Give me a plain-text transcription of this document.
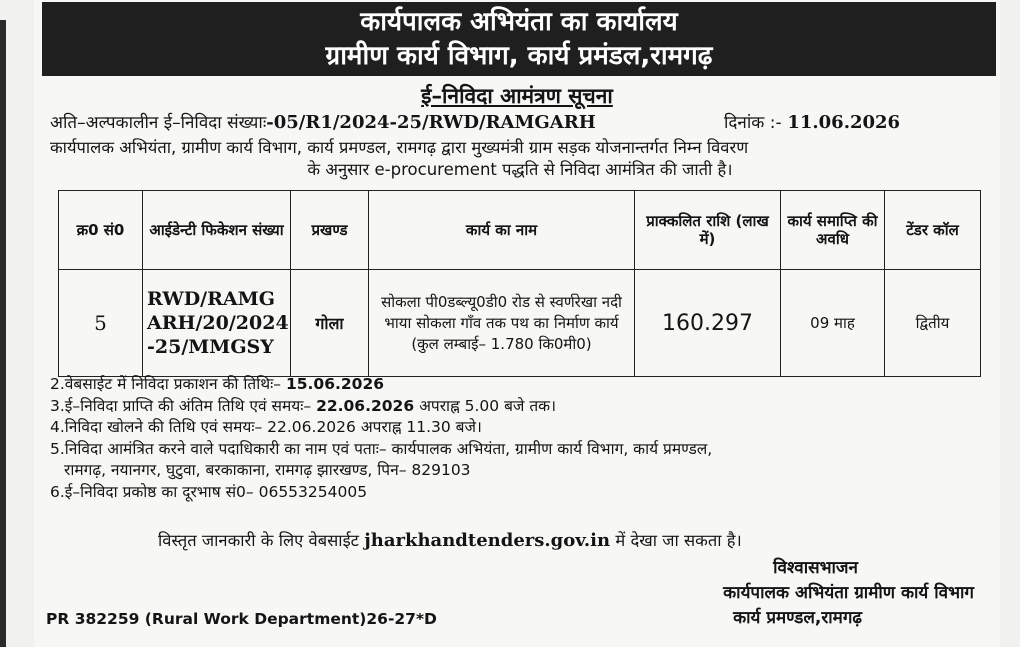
कार्यपालक अभियंता का कार्यालय
ग्रामीण कार्य विभाग, कार्य प्रमंडल,रामगढ़
ई–निविदा आमंत्रण सूचना
अति–अल्पकालीन ई–निविदा संख्याः-05/R1/2024-25/RWD/RAMGARH	दिनांक :- 11.06.2026
कार्यपालक अभियंता, ग्रामीण कार्य विभाग, कार्य प्रमण्डल, रामगढ़ द्वारा मुख्यमंत्री ग्राम सड़क योजनान्तर्गत निम्न विवरण
के अनुसार e-procurement पद्धति से निविदा आमंत्रित की जाती है।
क्र0 सं0	आईडेन्टी फिकेशन संख्या	प्रखण्ड	कार्य का नाम	प्राक्कलित राशि (लाख में)	कार्य समाप्ति की अवधि	टेंडर कॉल
5	RWD/RAMGARH/20/2024-25/MMGSY	गोला	सोकला पी0डब्ल्यू0डी0 रोड से स्वर्णरेखा नदी भाया सोकला गाँव तक पथ का निर्माण कार्य (कुल लम्बाई– 1.780 कि0मी0)	160.297	09 माह	द्वितीय
2.वेबसाईट में निविदा प्रकाशन की तिथिः– 15.06.2026
3.ई–निविदा प्राप्ति की अंतिम तिथि एवं समयः– 22.06.2026 अपराह्न 5.00 बजे तक।
4.निविदा खोलने की तिथि एवं समयः– 22.06.2026 अपराह्न 11.30 बजे।
5.निविदा आमंत्रित करने वाले पदाधिकारी का नाम एवं पताः– कार्यपालक अभियंता, ग्रामीण कार्य विभाग, कार्य प्रमण्डल,
रामगढ़, नयानगर, घुटुवा, बरकाकाना, रामगढ़ झारखण्ड, पिन– 829103
6.ई–निविदा प्रकोष्ठ का दूरभाष सं0– 06553254005
विस्तृत जानकारी के लिए वेबसाईट jharkhandtenders.gov.in में देखा जा सकता है।
विश्वासभाजन
कार्यपालक अभियंता ग्रामीण कार्य विभाग
कार्य प्रमण्डल,रामगढ़
PR 382259 (Rural Work Department)26-27*D
